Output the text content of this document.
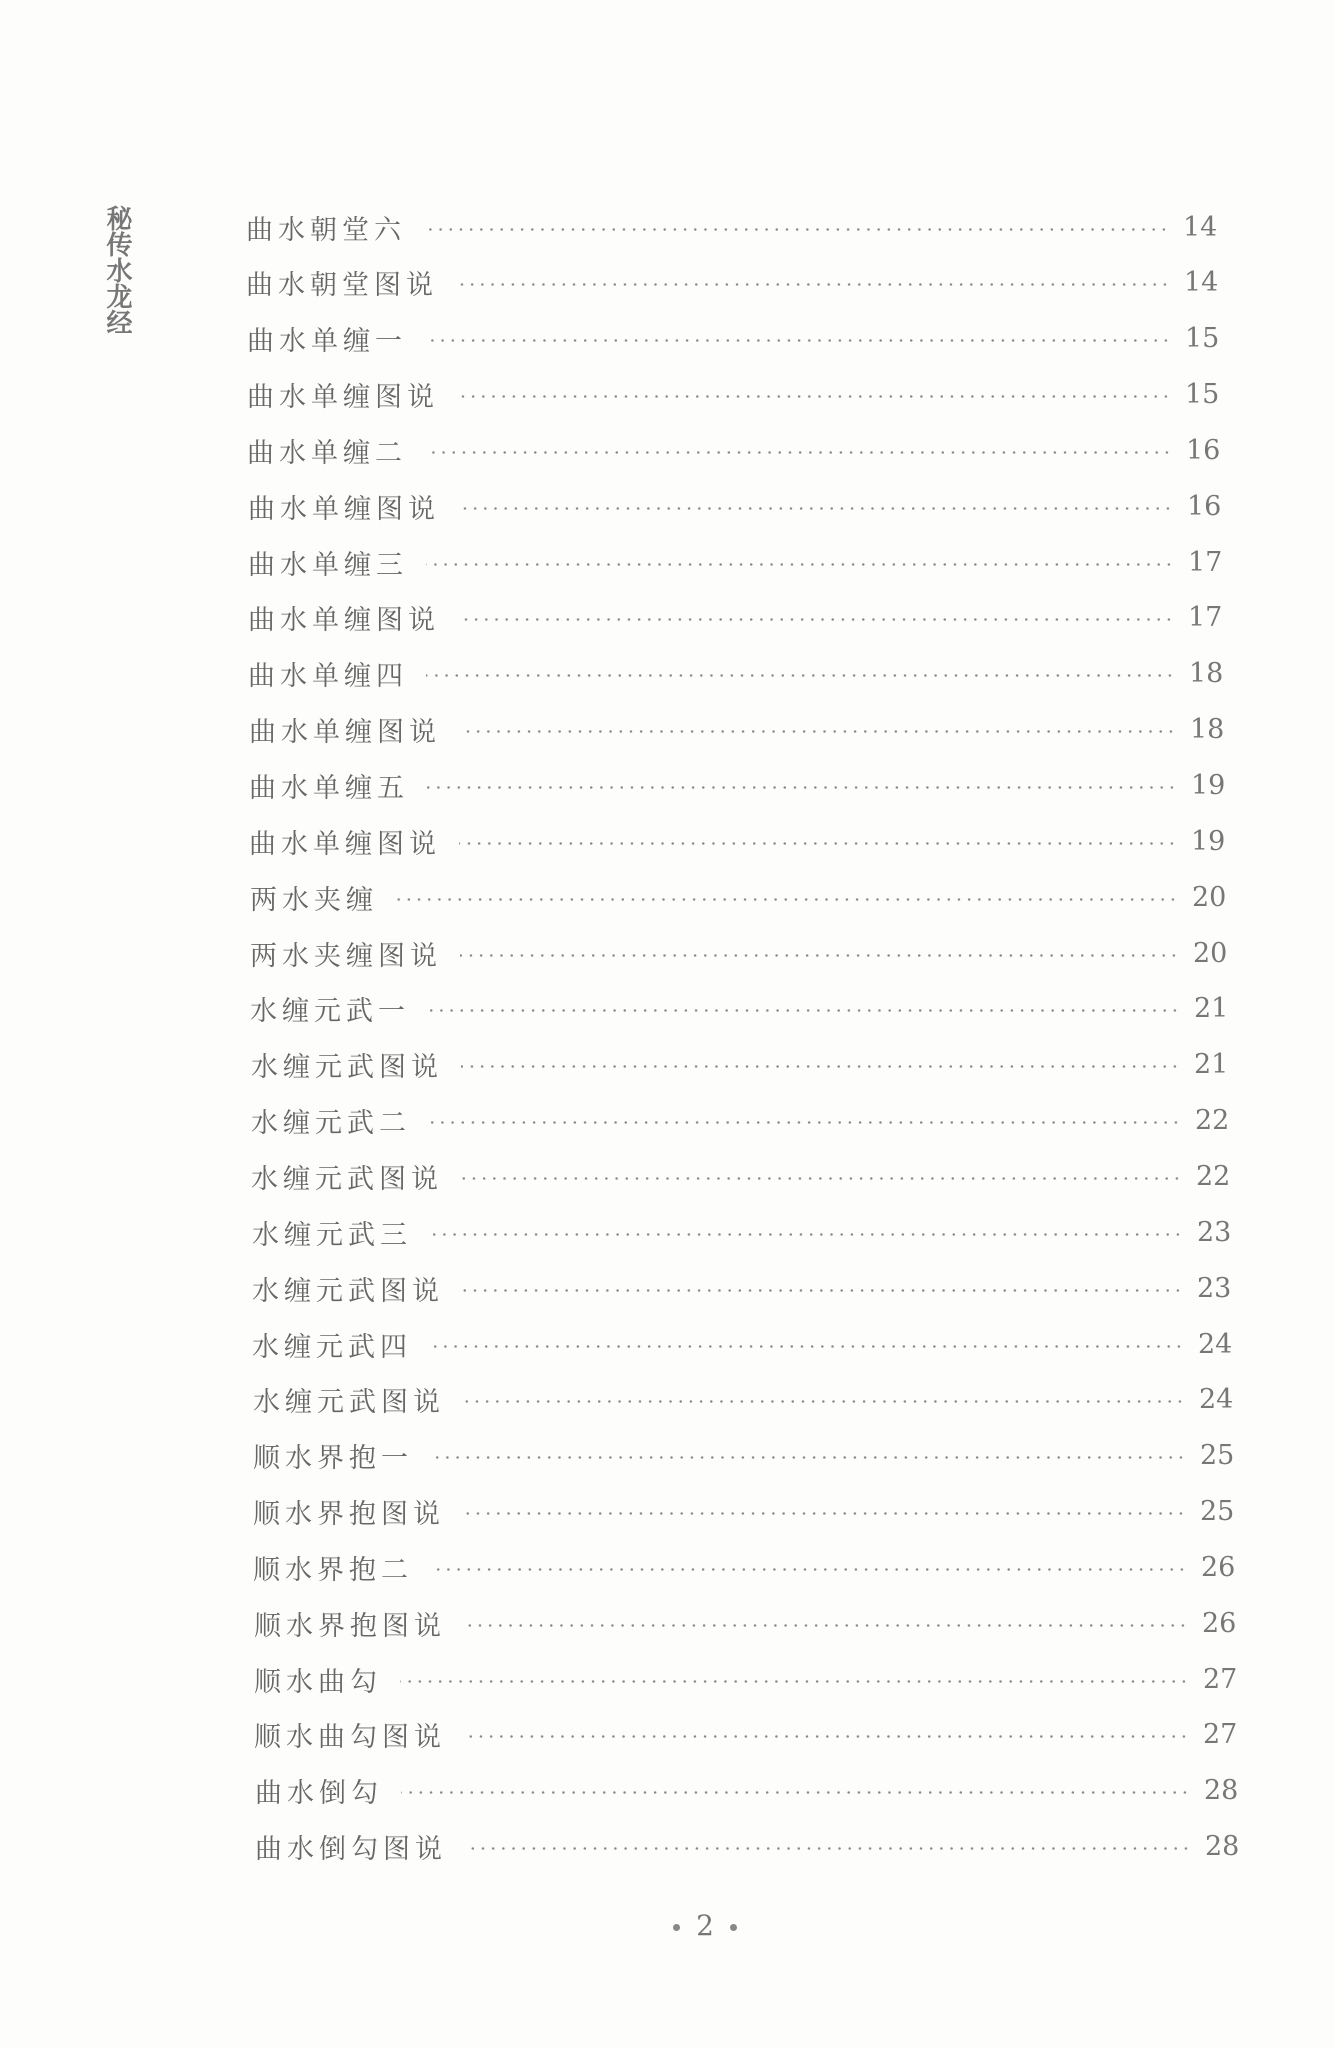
秘传水龙经	曲水朝堂六	14
曲水朝堂图说	14
曲水单缠一	15
曲水单缠图说	15
曲水单缠二	16
曲水单缠图说	16
曲水单缠三	17
曲水单缠图说	17
曲水单缠四	18
曲水单缠图说	18
曲水单缠五	19
曲水单缠图说	19
两水夹缠	20
两水夹缠图说	20
水缠元武一	21
水缠元武图说	21
水缠元武二	22
水缠元武图说	22
水缠元武三	23
水缠元武图说	23
水缠元武四	24
水缠元武图说	24
顺水界抱一	25
顺水界抱图说	25
顺水界抱二	26
顺水界抱图说	26
顺水曲勾	27
顺水曲勾图说	27
曲水倒勾	28
曲水倒勾图说	28
2
